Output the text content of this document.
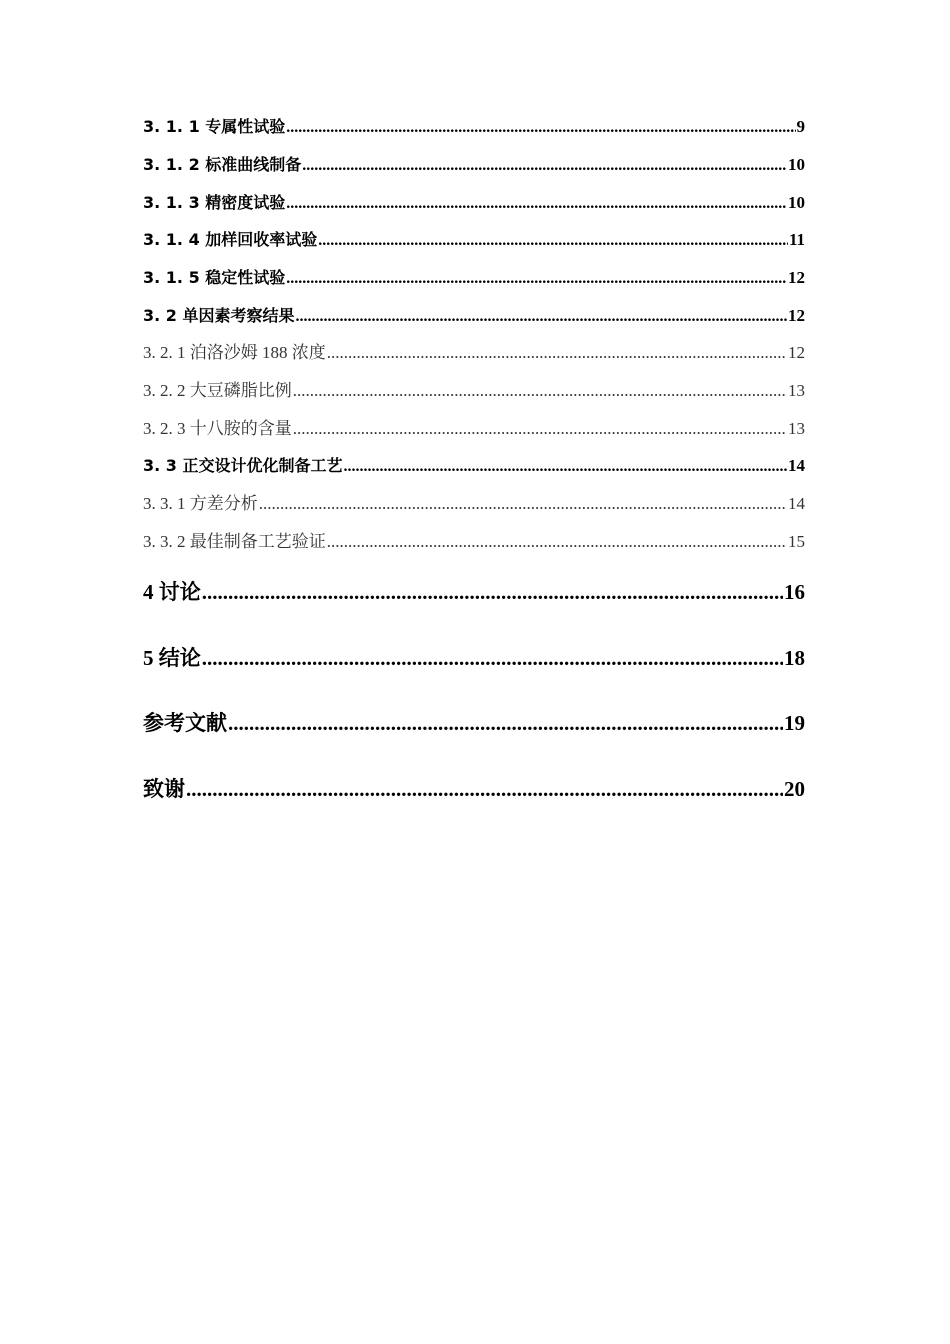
3. 1. 1 专属性试验 .....	9
3. 1. 2 标准曲线制备 .....	10
3. 1. 3 精密度试验 .....	10
3. 1. 4 加样回收率试验 .....	11
3. 1. 5 稳定性试验 .....	12
3. 2 单因素考察结果 .....	12
3. 2. 1 泊洛沙姆 188 浓度 .....	12
3. 2. 2 大豆磷脂比例 .....	13
3. 2. 3 十八胺的含量 .....	13
3. 3 正交设计优化制备工艺 .....	14
3. 3. 1 方差分析 .....	14
3. 3. 2 最佳制备工艺验证 .....	15
4 讨论 .....	16
5 结论 .....	18
参考文献 .....	19
致谢 .....	20
